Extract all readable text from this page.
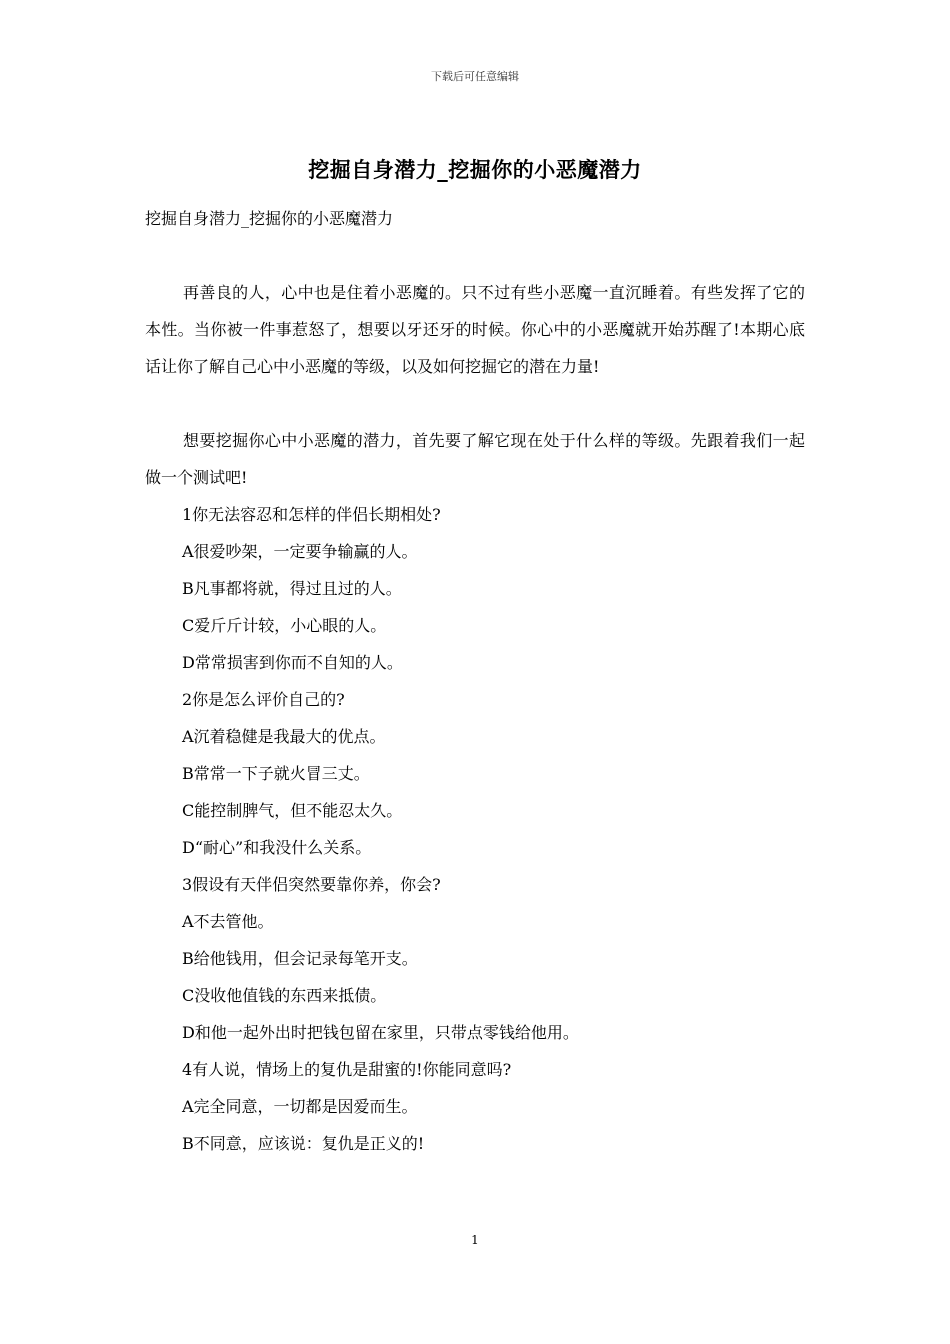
下载后可任意编辑
挖掘自身潜力_挖掘你的小恶魔潜力

挖掘自身潜力_挖掘你的小恶魔潜力

再善良的人，心中也是住着小恶魔的。只不过有些小恶魔一直沉睡着。有些发挥了它的本性。当你被一件事惹怒了，想要以牙还牙的时候。你心中的小恶魔就开始苏醒了!本期心底话让你了解自己心中小恶魔的等级，以及如何挖掘它的潜在力量!

想要挖掘你心中小恶魔的潜力，首先要了解它现在处于什么样的等级。先跟着我们一起做一个测试吧!

1你无法容忍和怎样的伴侣长期相处?

A很爱吵架，一定要争输赢的人。

B凡事都将就，得过且过的人。

C爱斤斤计较，小心眼的人。

D常常损害到你而不自知的人。

2你是怎么评价自己的?

A沉着稳健是我最大的优点。

B常常一下子就火冒三丈。

C能控制脾气，但不能忍太久。

D“耐心”和我没什么关系。

3假设有天伴侣突然要靠你养，你会?

A不去管他。

B给他钱用，但会记录每笔开支。

C没收他值钱的东西来抵债。

D和他一起外出时把钱包留在家里，只带点零钱给他用。

4有人说，情场上的复仇是甜蜜的!你能同意吗?

A完全同意，一切都是因爱而生。

B不同意，应该说：复仇是正义的!

1
